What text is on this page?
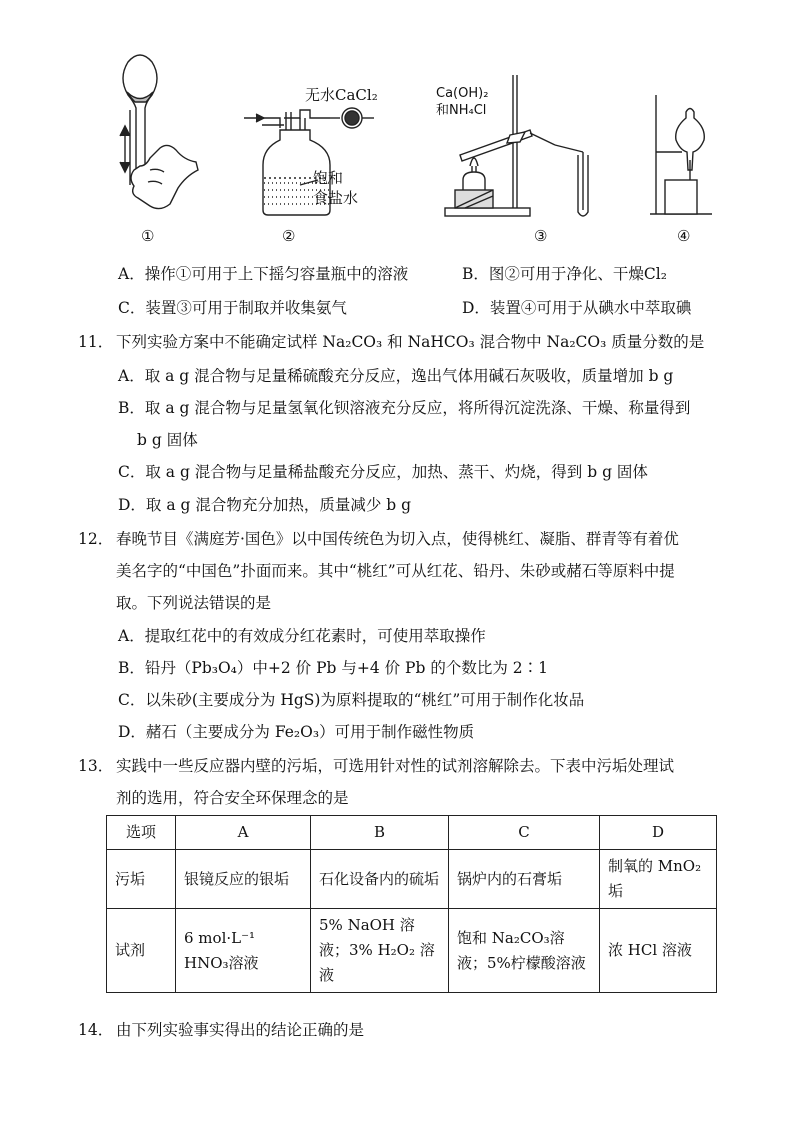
无水CaCl₂
饱和
食盐水
Ca(OH)₂
和NH₄Cl
①	②	③	④
A．操作①可用于上下摇匀容量瓶中的溶液	B．图②可用于净化、干燥Cl₂
C．装置③可用于制取并收集氨气	D．装置④可用于从碘水中萃取碘
11． 下列实验方案中不能确定试样 Na₂CO₃ 和 NaHCO₃ 混合物中 Na₂CO₃ 质量分数的是
A．取 a g 混合物与足量稀硫酸充分反应，逸出气体用碱石灰吸收，质量增加 b g
B．取 a g 混合物与足量氢氧化钡溶液充分反应，将所得沉淀洗涤、干燥、称量得到
b g 固体
C．取 a g 混合物与足量稀盐酸充分反应，加热、蒸干、灼烧，得到 b g 固体
D．取 a g 混合物充分加热，质量减少 b g
12． 春晚节目《满庭芳·国色》以中国传统色为切入点，使得桃红、凝脂、群青等有着优
美名字的“中国色”扑面而来。其中“桃红”可从红花、铅丹、朱砂或赭石等原料中提
取。下列说法错误的是
A．提取红花中的有效成分红花素时，可使用萃取操作
B．铅丹（Pb₃O₄）中+2 价 Pb 与+4 价 Pb 的个数比为 2∶1
C．以朱砂(主要成分为 HgS)为原料提取的“桃红”可用于制作化妆品
D．赭石（主要成分为 Fe₂O₃）可用于制作磁性物质
13． 实践中一些反应器内壁的污垢，可选用针对性的试剂溶解除去。下表中污垢处理试
剂的选用，符合安全环保理念的是
选项	A	B	C	D
污垢	银镜反应的银垢	石化设备内的硫垢	锅炉内的石膏垢	制氧的 MnO₂ 垢
试剂	6 mol·L⁻¹ HNO₃溶液	5% NaOH 溶液；3% H₂O₂ 溶液	饱和 Na₂CO₃溶液；5%柠檬酸溶液	浓 HCl 溶液
14． 由下列实验事实得出的结论正确的是
